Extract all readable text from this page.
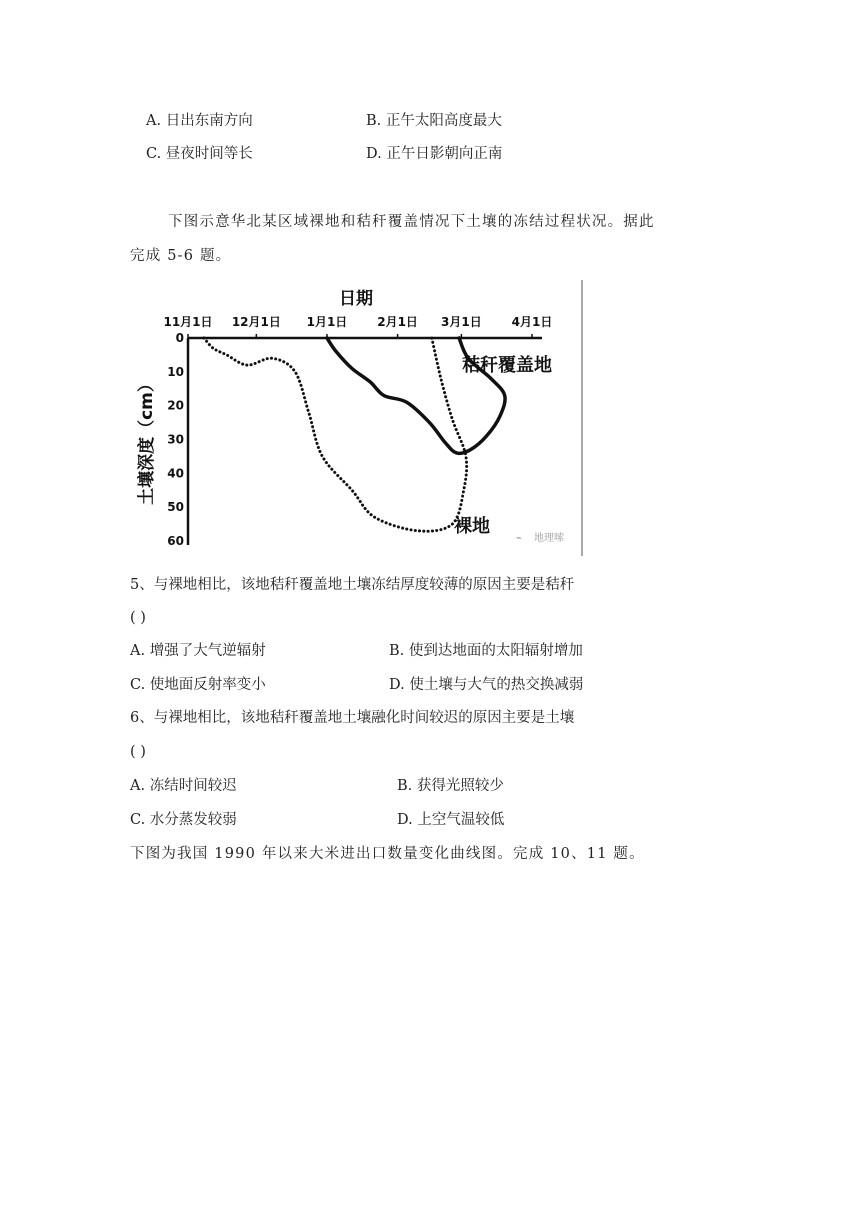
A. 日出东南方向	B. 正午太阳高度最大
C. 昼夜时间等长	D. 正午日影朝向正南
下图示意华北某区域裸地和秸秆覆盖情况下土壤的冻结过程状况。据此
完成 5-6 题。
日期
11月1日 12月1日 1月1日 2月1日 3月1日 4月1日
0
10
20
30
40
50
60
土壤深度（cm）
秸秆覆盖地
裸地
地理嗦
⌁
5、与裸地相比，该地秸秆覆盖地土壤冻结厚度较薄的原因主要是秸秆
( )
A. 增强了大气逆辐射	B. 使到达地面的太阳辐射增加
C. 使地面反射率变小	D. 使土壤与大气的热交换减弱
6、与裸地相比，该地秸秆覆盖地土壤融化时间较迟的原因主要是土壤
( )
A. 冻结时间较迟	B. 获得光照较少
C. 水分蒸发较弱	D. 上空气温较低
下图为我国 1990 年以来大米进出口数量变化曲线图。完成 10、11 题。
